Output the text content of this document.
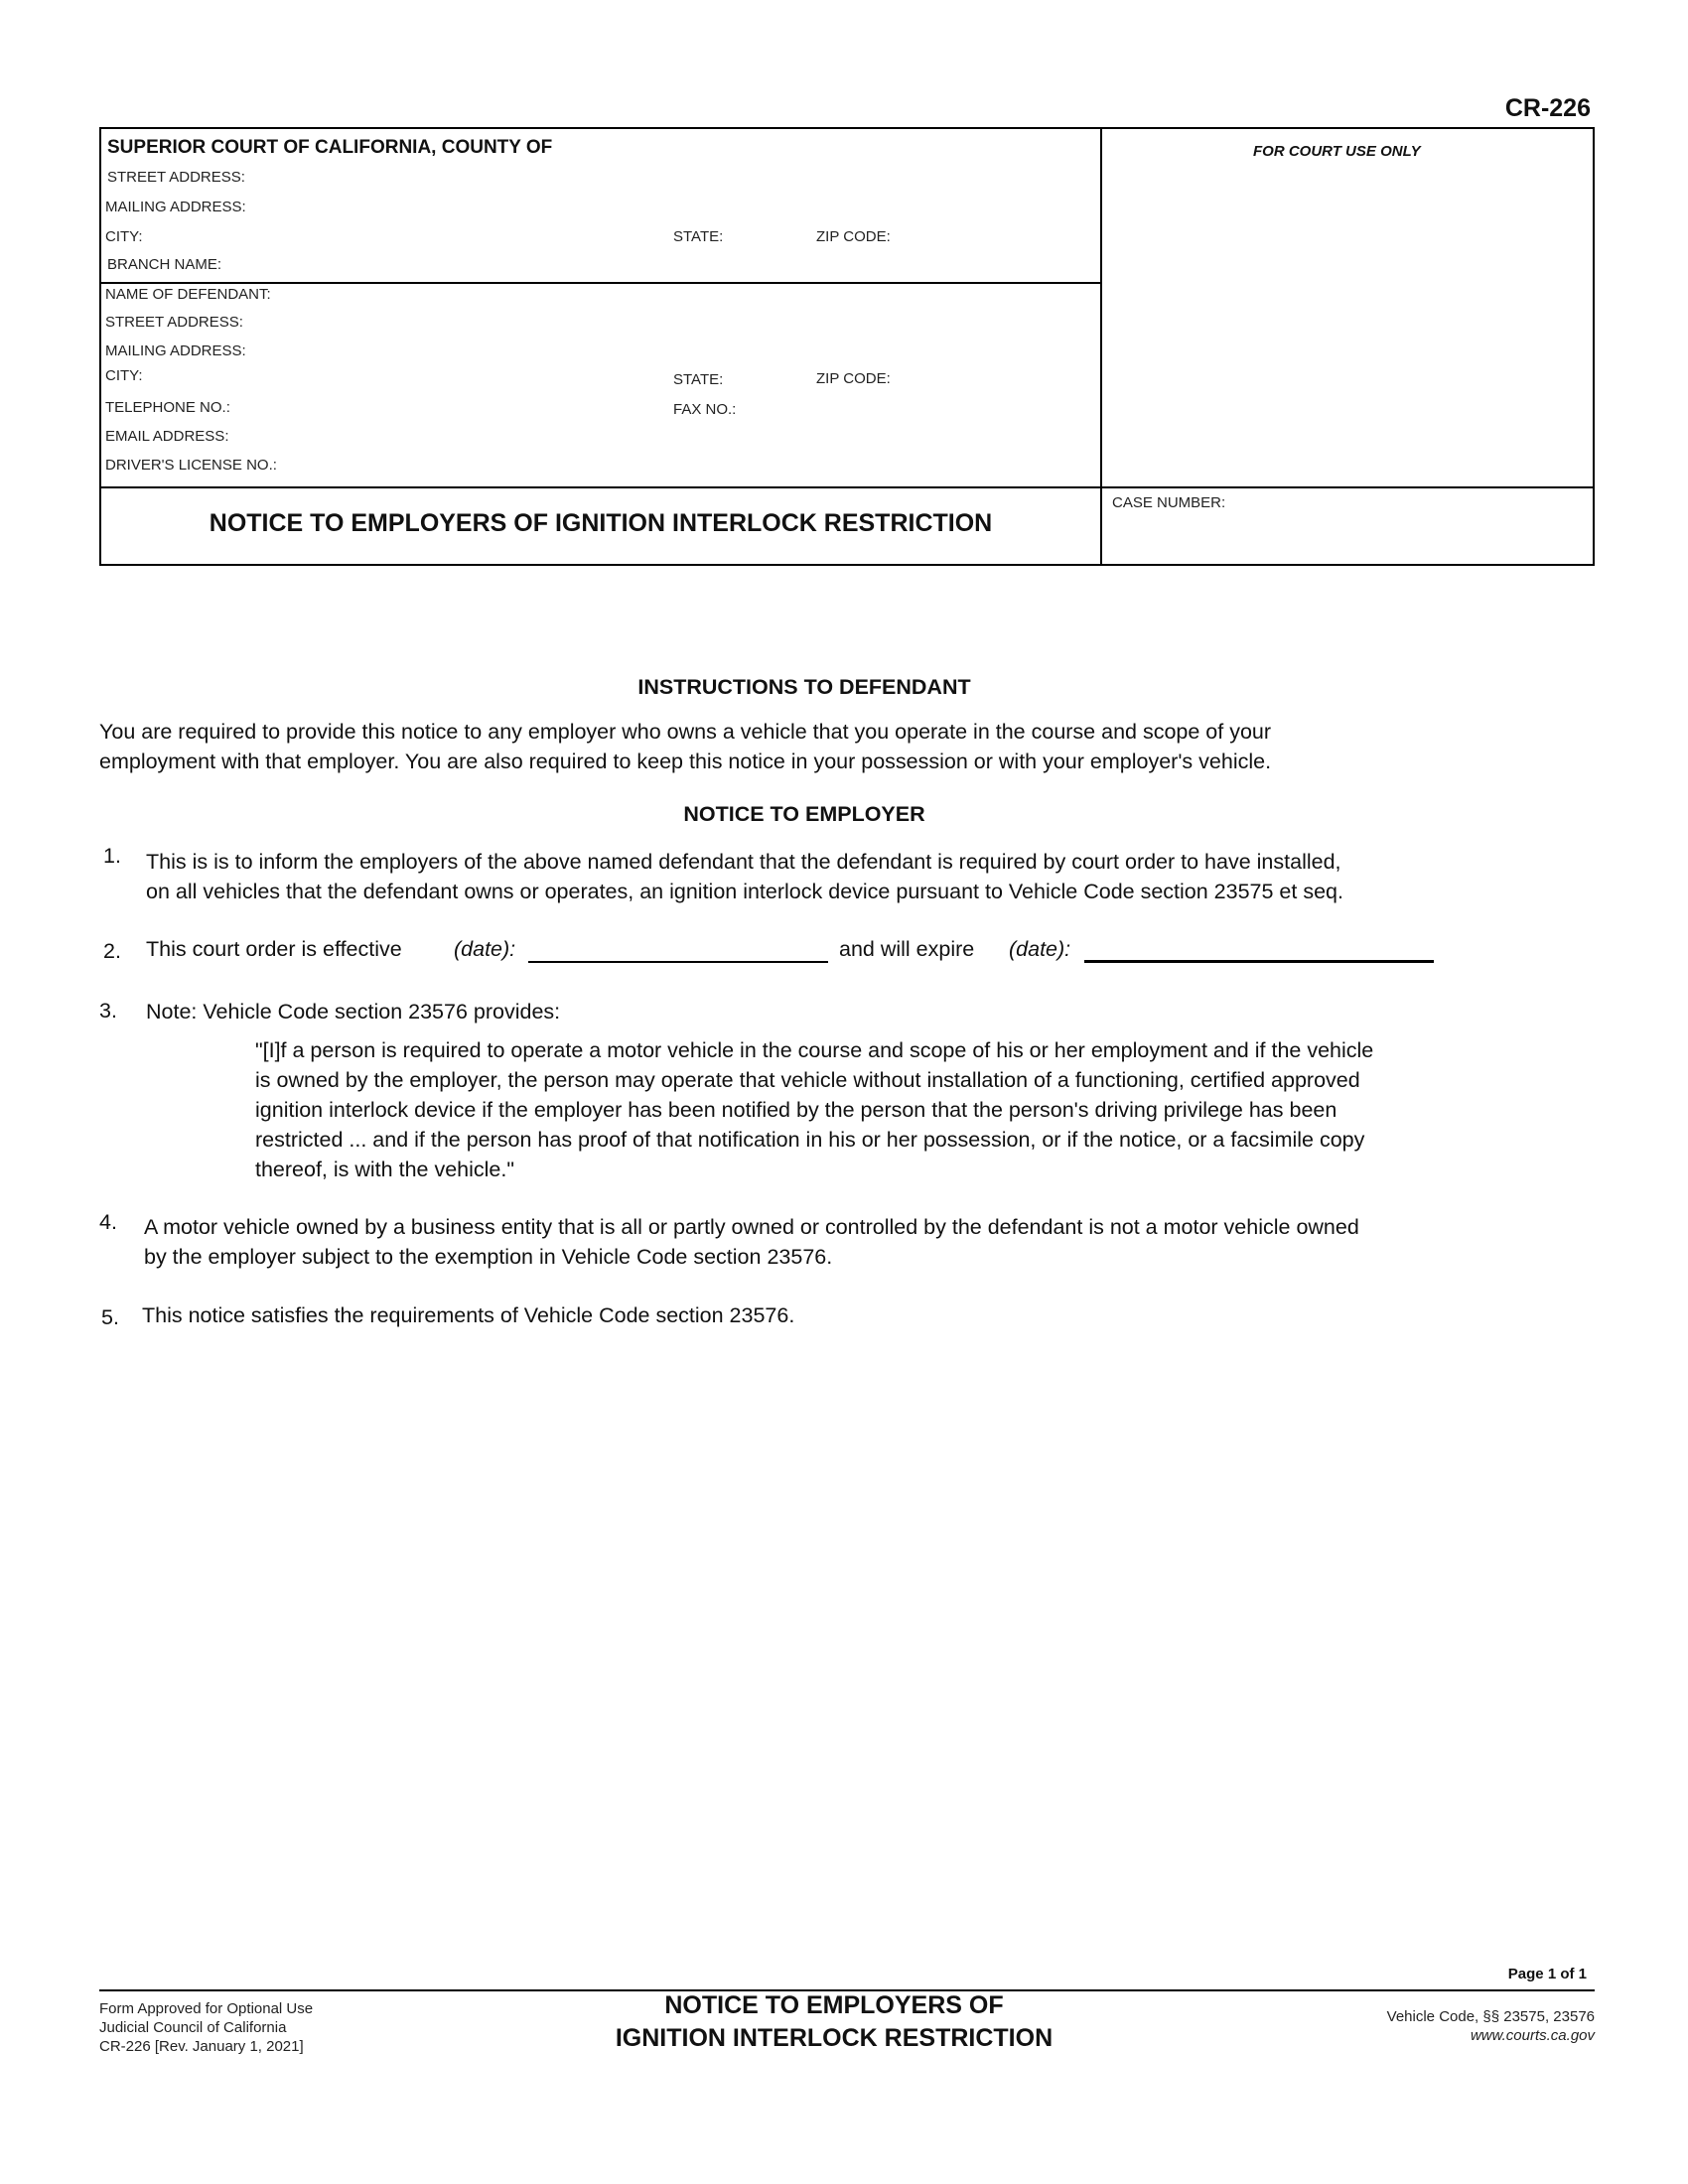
CR-226
SUPERIOR COURT OF CALIFORNIA, COUNTY OF
STREET ADDRESS:
MAILING ADDRESS:
CITY:	STATE:	ZIP CODE:
BRANCH NAME:
NAME OF DEFENDANT:
STREET ADDRESS:
MAILING ADDRESS:
CITY:	STATE:	ZIP CODE:
TELEPHONE NO.:	FAX NO.:
EMAIL ADDRESS:
DRIVER'S LICENSE NO.:
FOR COURT USE ONLY
CASE NUMBER:
NOTICE TO EMPLOYERS OF IGNITION INTERLOCK RESTRICTION
INSTRUCTIONS TO DEFENDANT
You are required to provide this notice to any employer who owns a vehicle that you operate in the course and scope of your
employment with that employer. You are also required to keep this notice in your possession or with your employer's vehicle.
NOTICE TO EMPLOYER
1. This is is to inform the employers of the above named defendant that the defendant is required by court order to have installed,
on all vehicles that the defendant owns or operates, an ignition interlock device pursuant to Vehicle Code section 23575 et seq.
2. This court order is effective (date):	and will expire (date):
3. Note: Vehicle Code section 23576 provides:
"[I]f a person is required to operate a motor vehicle in the course and scope of his or her employment and if the vehicle
is owned by the employer, the person may operate that vehicle without installation of a functioning, certified approved
ignition interlock device if the employer has been notified by the person that the person's driving privilege has been
restricted ... and if the person has proof of that notification in his or her possession, or if the notice, or a facsimile copy
thereof, is with the vehicle."
4. A motor vehicle owned by a business entity that is all or partly owned or controlled by the defendant is not a motor vehicle owned
by the employer subject to the exemption in Vehicle Code section 23576.
5. This notice satisfies the requirements of Vehicle Code section 23576.
Page 1 of 1
Form Approved for Optional Use
Judicial Council of California
CR-226 [Rev. January 1, 2021]
NOTICE TO EMPLOYERS OF
IGNITION INTERLOCK RESTRICTION
Vehicle Code, §§ 23575, 23576
www.courts.ca.gov
